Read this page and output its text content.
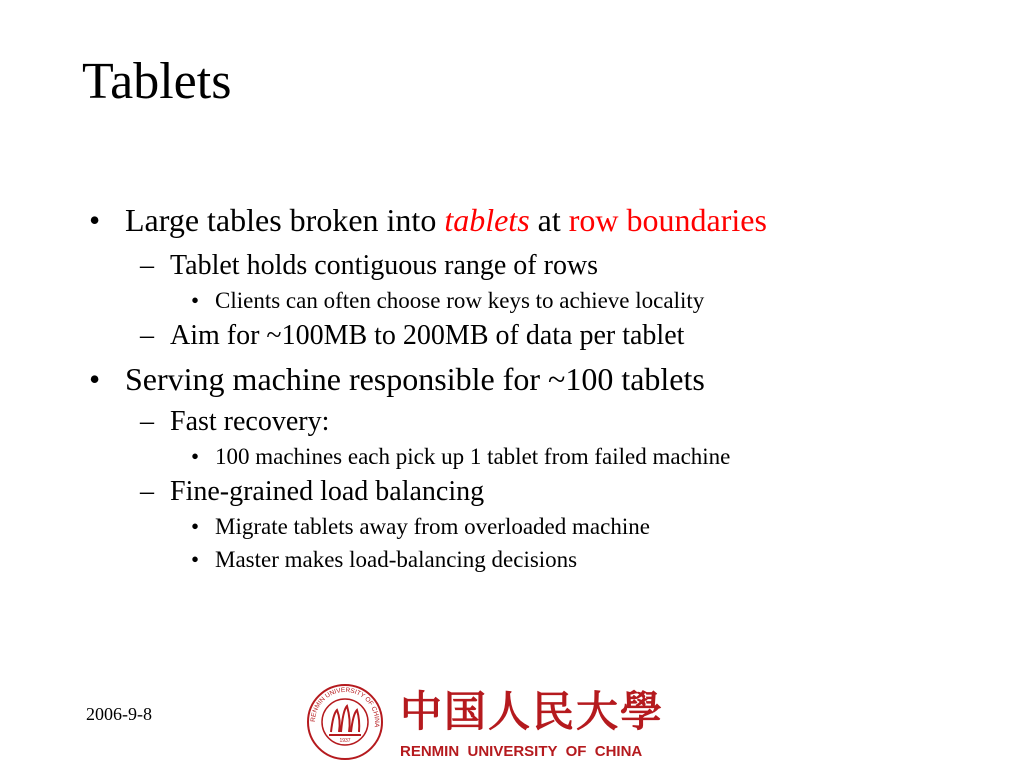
Tablets
• Large tables broken into tablets at row boundaries
– Tablet holds contiguous range of rows
• Clients can often choose row keys to achieve locality
– Aim for ~100MB to 200MB of data per tablet
• Serving machine responsible for ~100 tablets
– Fast recovery:
• 100 machines each pick up 1 tablet from failed machine
– Fine-grained load balancing
• Migrate tablets away from overloaded machine
• Master makes load-balancing decisions
2006-9-8	RENMIN UNIVERSITY OF CHINA
1937
中国人民大學
RENMIN  UNIVERSITY  OF  CHINA
